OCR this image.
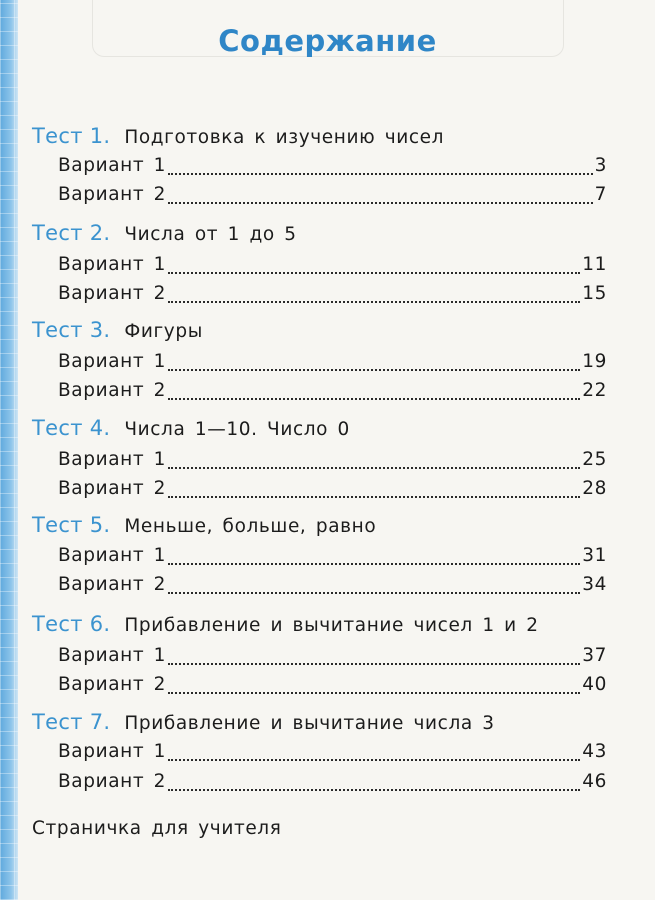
Содержание
Тест 1. Подготовка к изучению чисел
Вариант 1	3
Вариант 2	7
Тест 2. Числа от 1 до 5
Вариант 1	11
Вариант 2	15
Тест 3. Фигуры
Вариант 1	19
Вариант 2	22
Тест 4. Числа 1—10. Число 0
Вариант 1	25
Вариант 2	28
Тест 5. Меньше, больше, равно
Вариант 1	31
Вариант 2	34
Тест 6. Прибавление и вычитание чисел 1 и 2
Вариант 1	37
Вариант 2	40
Тест 7. Прибавление и вычитание числа 3
Вариант 1	43
Вариант 2	46
Страничка для учителя
